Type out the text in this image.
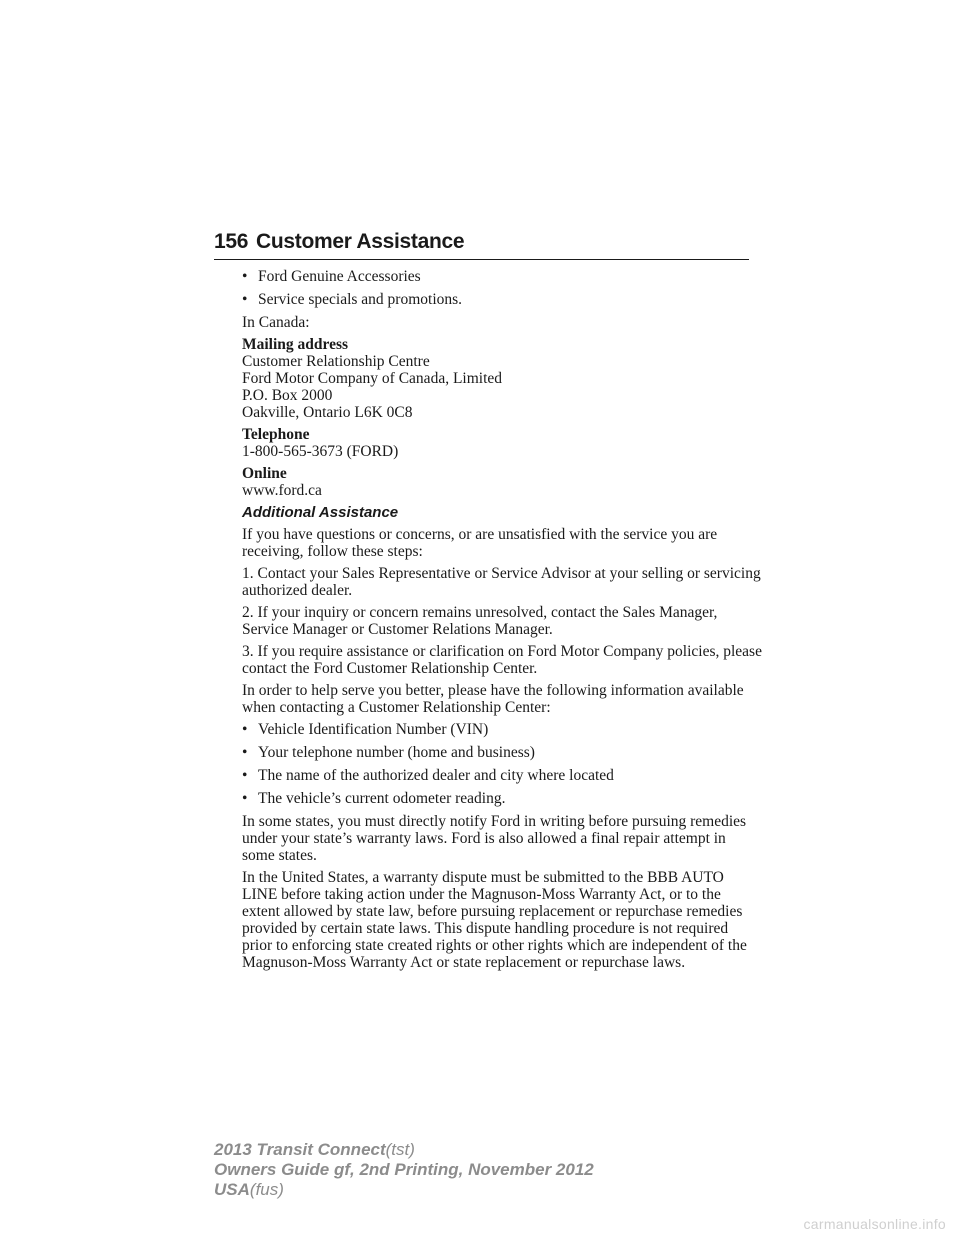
156 Customer Assistance
• Ford Genuine Accessories
• Service specials and promotions.

In Canada:

Mailing address
Customer Relationship Centre
Ford Motor Company of Canada, Limited
P.O. Box 2000
Oakville, Ontario L6K 0C8

Telephone
1-800-565-3673 (FORD)

Online
www.ford.ca

Additional Assistance

If you have questions or concerns, or are unsatisfied with the service you are receiving, follow these steps:

1. Contact your Sales Representative or Service Advisor at your selling or servicing authorized dealer.

2. If your inquiry or concern remains unresolved, contact the Sales Manager, Service Manager or Customer Relations Manager.

3. If you require assistance or clarification on Ford Motor Company policies, please contact the Ford Customer Relationship Center.

In order to help serve you better, please have the following information available when contacting a Customer Relationship Center:

• Vehicle Identification Number (VIN)
• Your telephone number (home and business)
• The name of the authorized dealer and city where located
• The vehicle’s current odometer reading.

In some states, you must directly notify Ford in writing before pursuing remedies under your state’s warranty laws. Ford is also allowed a final repair attempt in some states.

In the United States, a warranty dispute must be submitted to the BBB AUTO LINE before taking action under the Magnuson-Moss Warranty Act, or to the extent allowed by state law, before pursuing replacement or repurchase remedies provided by certain state laws. This dispute handling procedure is not required prior to enforcing state created rights or other rights which are independent of the Magnuson-Moss Warranty Act or state replacement or repurchase laws.

2013 Transit Connect(tst)
Owners Guide gf, 2nd Printing, November 2012
USA(fus)
carmanualsonline.info
